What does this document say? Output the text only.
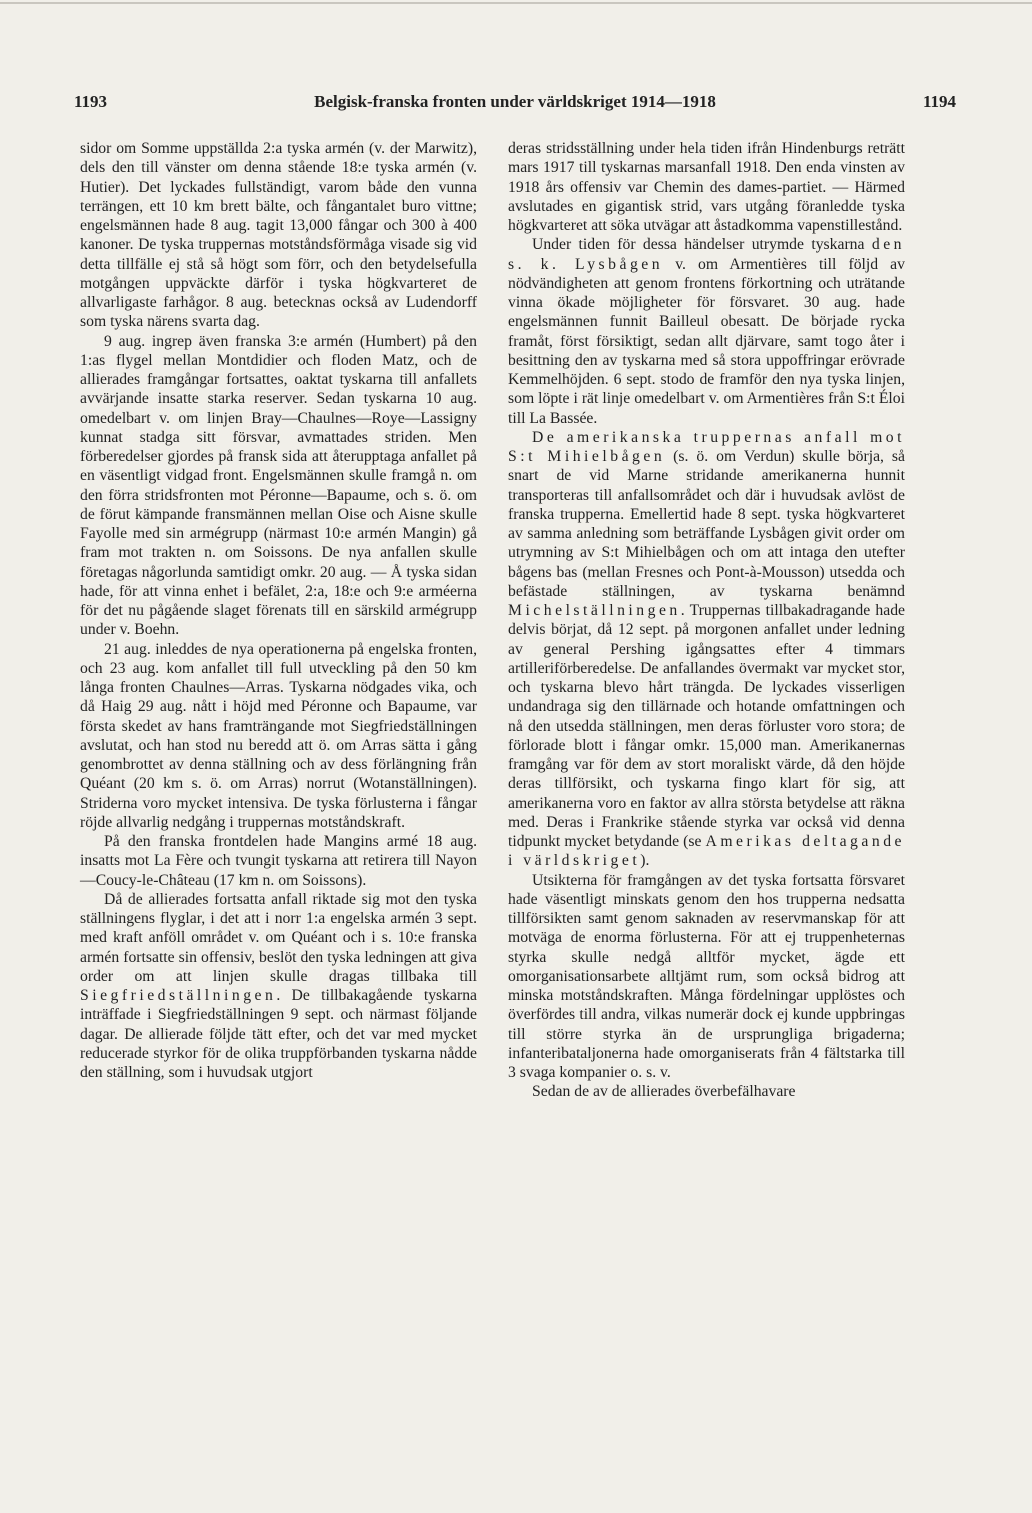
1193	Belgisk-franska fronten under världskriget 1914—1918	1194

sidor om Somme uppställda 2:a tyska armén (v. der Marwitz), dels den till vänster om denna stående 18:e tyska armén (v. Hutier). Det lyckades fullständigt, varom både den vunna terrängen, ett 10 km brett bälte, och fångantalet buro vittne; engelsmännen hade 8 aug. tagit 13,000 fångar och 300 à 400 kanoner. De tyska truppernas motståndsförmåga visade sig vid detta tillfälle ej stå så högt som förr, och den betydelsefulla motgången uppväckte därför i tyska högkvarteret de allvarligaste farhågor. 8 aug. betecknas också av Ludendorff som tyska närens svarta dag.

9 aug. ingrep även franska 3:e armén (Humbert) på den 1:as flygel mellan Montdidier och floden Matz, och de allierades framgångar fortsattes, oaktat tyskarna till anfallets avvärjande insatte starka reserver. Sedan tyskarna 10 aug. omedelbart v. om linjen Bray—Chaulnes—Roye—Lassigny kunnat stadga sitt försvar, avmattades striden. Men förberedelser gjordes på fransk sida att återupptaga anfallet på en väsentligt vidgad front. Engelsmännen skulle framgå n. om den förra stridsfronten mot Péronne—Bapaume, och s. ö. om de förut kämpande fransmännen mellan Oise och Aisne skulle Fayolle med sin armégrupp (närmast 10:e armén Mangin) gå fram mot trakten n. om Soissons. De nya anfallen skulle företagas någorlunda samtidigt omkr. 20 aug. — Å tyska sidan hade, för att vinna enhet i befälet, 2:a, 18:e och 9:e arméerna för det nu pågående slaget förenats till en särskild armégrupp under v. Boehn.

21 aug. inleddes de nya operationerna på engelska fronten, och 23 aug. kom anfallet till full utveckling på den 50 km långa fronten Chaulnes—Arras. Tyskarna nödgades vika, och då Haig 29 aug. nått i höjd med Péronne och Bapaume, var första skedet av hans framträngande mot Siegfriedställningen avslutat, och han stod nu beredd att ö. om Arras sätta i gång genombrottet av denna ställning och av dess förlängning från Quéant (20 km s. ö. om Arras) norrut (Wotanställningen). Striderna voro mycket intensiva. De tyska förlusterna i fångar röjde allvarlig nedgång i truppernas motståndskraft.

På den franska frontdelen hade Mangins armé 18 aug. insatts mot La Fère och tvungit tyskarna att retirera till Nayon—Coucy-le-Château (17 km n. om Soissons).

Då de allierades fortsatta anfall riktade sig mot den tyska ställningens flyglar, i det att i norr 1:a engelska armén 3 sept. med kraft anföll området v. om Quéant och i s. 10:e franska armén fortsatte sin offensiv, beslöt den tyska ledningen att giva order om att linjen skulle dragas tillbaka till Siegfriedställningen. De tillbakagående tyskarna inträffade i Siegfriedställningen 9 sept. och närmast följande dagar. De allierade följde tätt efter, och det var med mycket reducerade styrkor för de olika truppförbanden tyskarna nådde den ställning, som i huvudsak utgjort

deras stridsställning under hela tiden ifrån Hindenburgs reträtt mars 1917 till tyskarnas marsanfall 1918. Den enda vinsten av 1918 års offensiv var Chemin des dames-partiet. — Härmed avslutades en gigantisk strid, vars utgång föranledde tyska högkvarteret att söka utvägar att åstadkomma vapenstillestånd.

Under tiden för dessa händelser utrymde tyskarna den s. k. Lysbågen v. om Armentières till följd av nödvändigheten att genom frontens förkortning och uträtande vinna ökade möjligheter för försvaret. 30 aug. hade engelsmännen funnit Bailleul obesatt. De började rycka framåt, först försiktigt, sedan allt djärvare, samt togo åter i besittning den av tyskarna med så stora uppoffringar erövrade Kemmelhöjden. 6 sept. stodo de framför den nya tyska linjen, som löpte i rät linje omedelbart v. om Armentières från S:t Éloi till La Bassée.

De amerikanska truppernas anfall mot S:t Mihielbågen (s. ö. om Verdun) skulle börja, så snart de vid Marne stridande amerikanerna hunnit transporteras till anfallsområdet och där i huvudsak avlöst de franska trupperna. Emellertid hade 8 sept. tyska högkvarteret av samma anledning som beträffande Lysbågen givit order om utrymning av S:t Mihielbågen och om att intaga den utefter bågens bas (mellan Fresnes och Pont-à-Mousson) utsedda och befästade ställningen, av tyskarna benämnd Michelställningen. Truppernas tillbakadragande hade delvis börjat, då 12 sept. på morgonen anfallet under ledning av general Pershing igångsattes efter 4 timmars artilleriförberedelse. De anfallandes övermakt var mycket stor, och tyskarna blevo hårt trängda. De lyckades visserligen undandraga sig den tillärnade och hotande omfattningen och nå den utsedda ställningen, men deras förluster voro stora; de förlorade blott i fångar omkr. 15,000 man. Amerikanernas framgång var för dem av stort moraliskt värde, då den höjde deras tillförsikt, och tyskarna fingo klart för sig, att amerikanerna voro en faktor av allra största betydelse att räkna med. Deras i Frankrike stående styrka var också vid denna tidpunkt mycket betydande (se Amerikas deltagande i världskriget).

Utsikterna för framgången av det tyska fortsatta försvaret hade väsentligt minskats genom den hos trupperna nedsatta tillförsikten samt genom saknaden av reservmanskap för att motväga de enorma förlusterna. För att ej truppenheternas styrka skulle nedgå alltför mycket, ägde ett omorganisationsarbete alltjämt rum, som också bidrog att minska motståndskraften. Många fördelningar upplöstes och överfördes till andra, vilkas numerär dock ej kunde uppbringas till större styrka än de ursprungliga brigaderna; infanteribataljonerna hade omorganiserats från 4 fältstarka till 3 svaga kompanier o. s. v.

Sedan de av de allierades överbefälhavare
